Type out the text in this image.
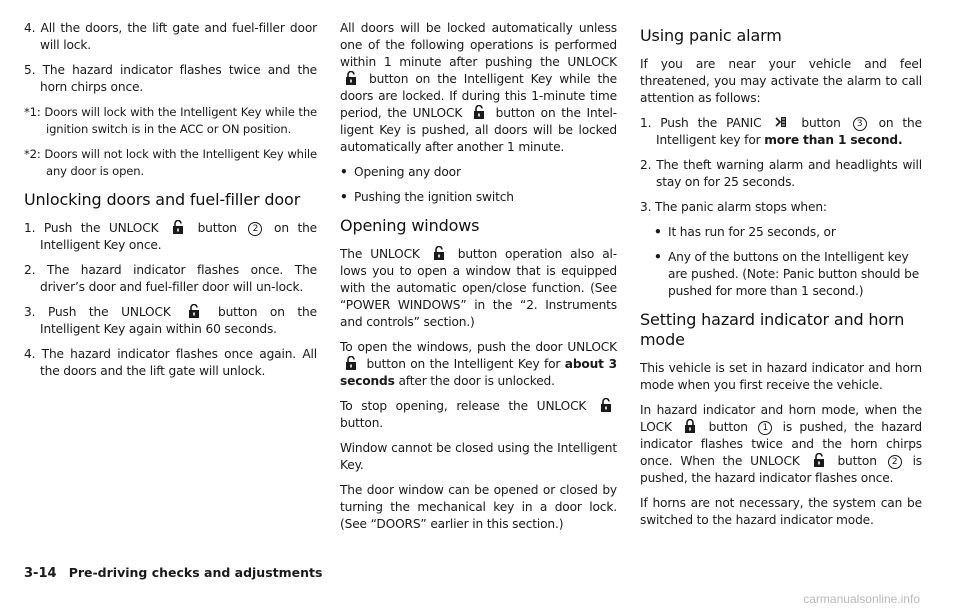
4. All the doors, the lift gate and fuel-filler door will lock.
5. The hazard indicator flashes twice and the horn chirps once.
*1: Doors will lock with the Intelligent Key while the ignition switch is in the ACC or ON position.
*2: Doors will not lock with the Intelligent Key while any door is open.
Unlocking doors and fuel-filler door
1. Push the UNLOCK	button 2 on the Intelligent Key once.
2. The hazard indicator flashes once. The driver’s door and fuel-filler door will un-lock.
3. Push the UNLOCK	button on the Intelligent Key again within 60 seconds.
4. The hazard indicator flashes once again. All the doors and the lift gate will unlock.

All doors will be locked automatically unless one of the following operations is performed within 1 minute after pushing the UNLOCK  button on the Intelligent Key while the doors are locked. If during this 1-minute time period, the UNLOCK	button on the Intel-ligent Key is pushed, all doors will be locked automatically after another 1 minute.

• Opening any door
• Pushing the ignition switch
Opening windows

The UNLOCK	button operation also al-lows you to open a window that is equipped with the automatic open/close function. (See “POWER WINDOWS” in the “2. Instruments and controls” section.)

To open the windows, push the door UNLOCK  button on the Intelligent Key for about 3 seconds after the door is unlocked.

To stop opening, release the UNLOCK  button.

Window cannot be closed using the Intelligent Key.

The door window can be opened or closed by turning the mechanical key in a door lock. (See “DOORS” earlier in this section.)

Using panic alarm

If you are near your vehicle and feel threatened, you may activate the alarm to call attention as follows:

1. Push the PANIC	button 3 on the Intelligent key for more than 1 second.
2. The theft warning alarm and headlights will stay on for 25 seconds.
3. The panic alarm stops when:
• It has run for 25 seconds, or
• Any of the buttons on the Intelligent key are pushed. (Note: Panic button should be pushed for more than 1 second.)
Setting hazard indicator and horn mode

This vehicle is set in hazard indicator and horn mode when you first receive the vehicle.

In hazard indicator and horn mode, when the LOCK	button 1 is pushed, the hazard indicator flashes twice and the horn chirps once. When the UNLOCK	button 2 is pushed, the hazard indicator flashes once.

If horns are not necessary, the system can be switched to the hazard indicator mode.

3-14 Pre-driving checks and adjustments
carmanualsonline.info
